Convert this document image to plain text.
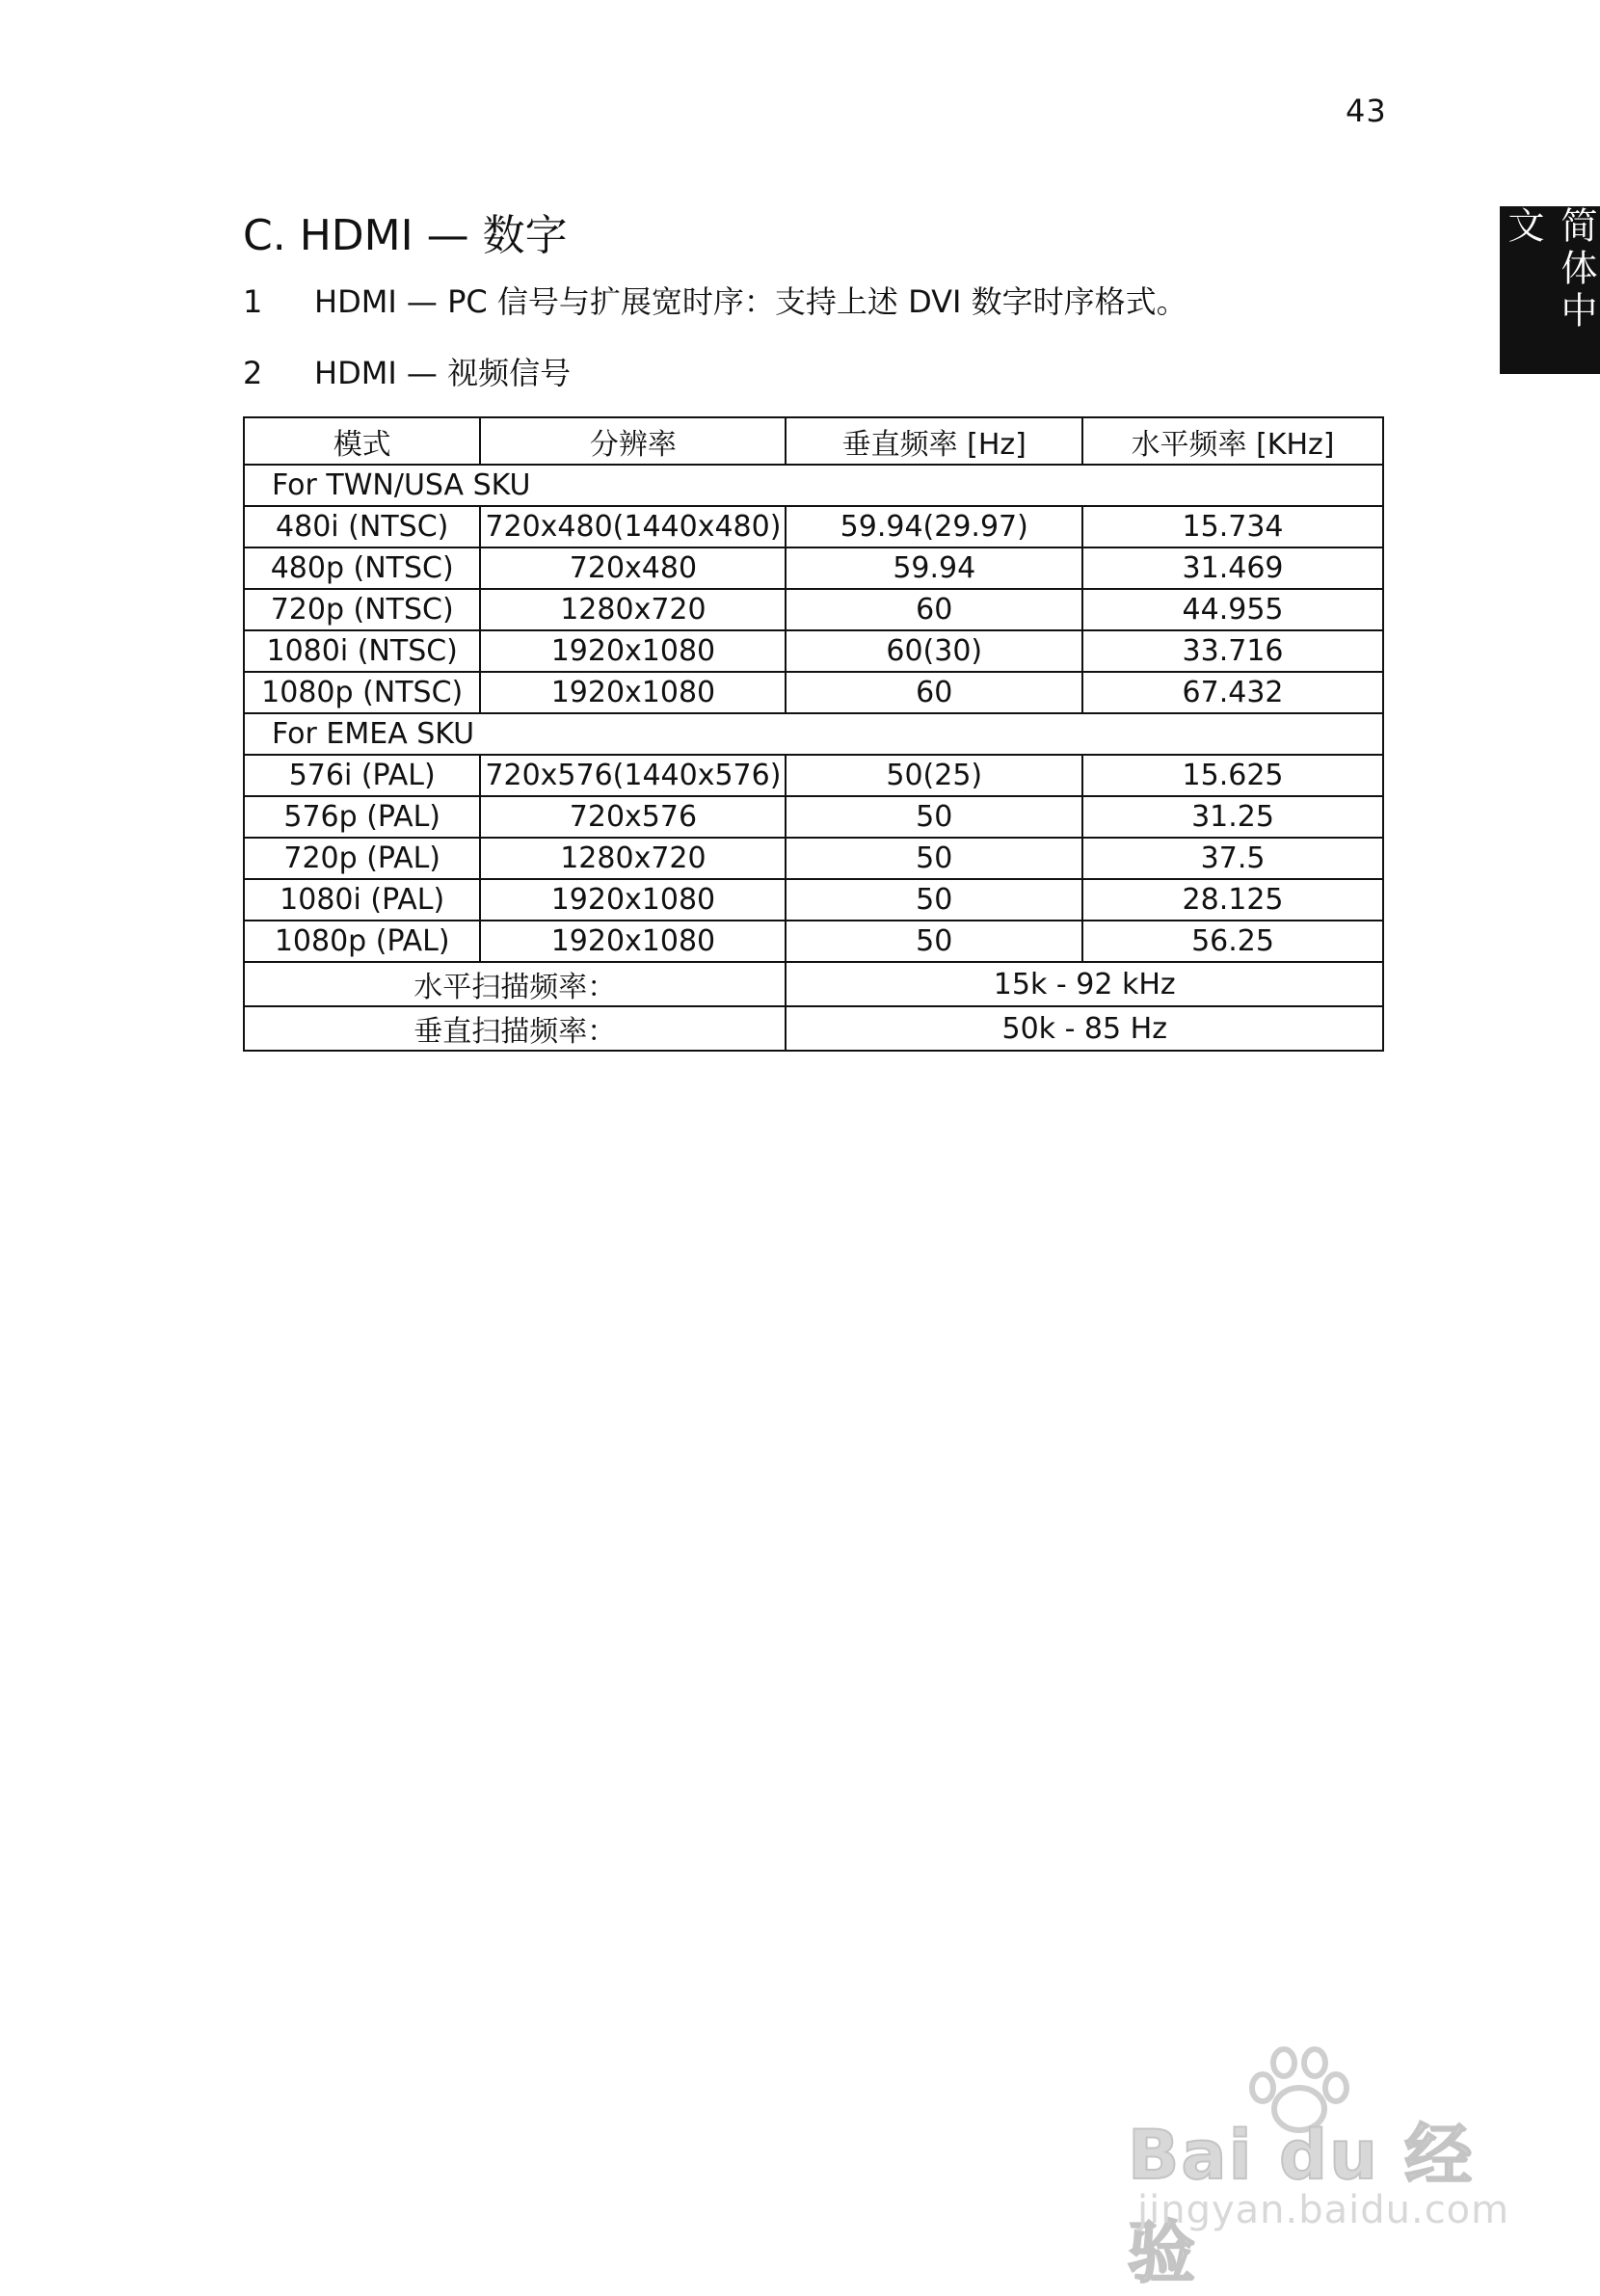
43
简体中文
C. HDMI — 数字
1 HDMI — PC 信号与扩展宽时序：支持上述 DVI 数字时序格式。
2 HDMI — 视频信号
模式	分辨率	垂直频率 [Hz]	水平频率 [KHz]
For TWN/USA SKU			
480i (NTSC)	720x480(1440x480)	59.94(29.97)	15.734
480p (NTSC)	720x480	59.94	31.469
720p (NTSC)	1280x720	60	44.955
1080i (NTSC)	1920x1080	60(30)	33.716
1080p (NTSC)	1920x1080	60	67.432
For EMEA SKU			
576i (PAL)	720x576(1440x576)	50(25)	15.625
576p (PAL)	720x576	50	31.25
720p (PAL)	1280x720	50	37.5
1080i (PAL)	1920x1080	50	28.125
1080p (PAL)	1920x1080	50	56.25
水平扫描频率：		15k - 92 kHz	
垂直扫描频率：		50k - 85 Hz	
Bai du 经验
jingyan.baidu.com
